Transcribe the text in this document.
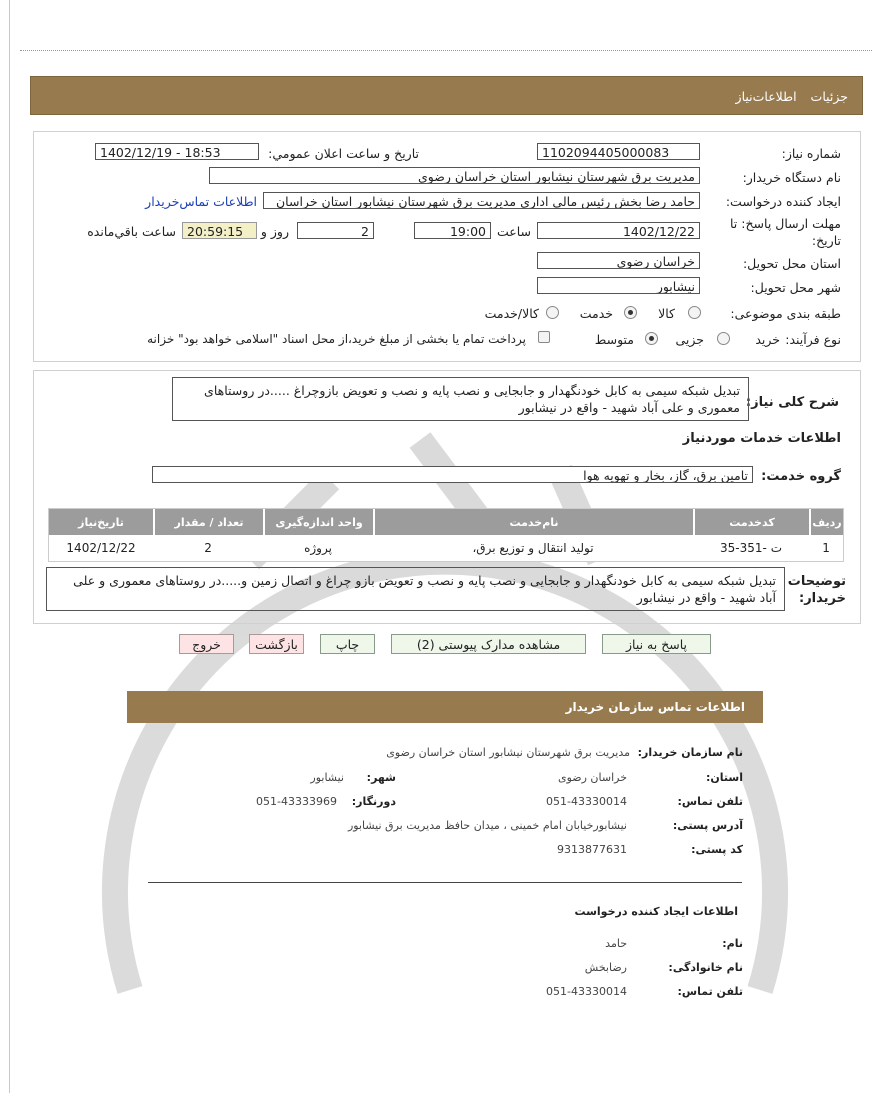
جزئیات
اطلاعات‌نیاز
شماره نیاز:
1102094405000083
تاریخ و ساعت اعلان عمومي:
1402/12/19 - 18:53
نام دستگاه خریدار:
مدیریت برق شهرستان نیشابور استان خراسان رضوی
ایجاد کننده درخواست:
حامد رضا بخش رئیس مالی اداری مدیریت برق شهرستان نیشابور استان خراسان
اطلاعات تماس‌خریدار
مهلت ارسال پاسخ: تا
تاریخ:
1402/12/22
ساعت
19:00
2
روز و
20:59:15
ساعت باقي‌مانده
استان محل تحویل:
خراسان رضوی
شهر محل تحویل:
نیشابور
طبقه بندی موضوعی:
کالا
خدمت
کالا/خدمت
نوع فرآیند:
خرید
جزیی
متوسط
پرداخت تمام یا بخشی از مبلغ خرید،از محل اسناد "اسلامی خواهد بود" خزانه
شرح کلی نیاز:
تبدیل شبکه سیمی به کابل خودنگهدار و جابجایی و نصب پایه و نصب و تعویض بازوچراغ .....در روستاهای معموری و علی آباد شهید - واقع در نیشابور
اطلاعات خدمات موردنیاز
گروه خدمت:
تامین برق، گاز، بخار و تهویه هوا
ردیف
کدخدمت
نام‌خدمت
واحد اندازه‌گیری
تعداد / مقدار
تاریخ‌نیاز
1
ت -351-35
تولید انتقال و توزیع برق،
پروژه
2
1402/12/22
توضیحات
خریدار:
تبدیل شبکه سیمی به کابل خودنگهدار و جابجایی و نصب پایه و نصب و تعویض بازو چراغ و اتصال زمین و.....در روستاهای معموری و علی آباد شهید - واقع در نیشابور
پاسخ به نیاز
مشاهده مدارک پیوستی (2)
چاپ
بازگشت
خروج
اطلاعات تماس سازمان خریدار
نام سازمان خریدار:
مدیریت برق شهرستان نیشابور استان خراسان رضوی
استان:
خراسان رضوی
شهر:
نیشابور
تلفن تماس:
051-43330014
دورنگار:
051-43333969
آدرس پستی:
نیشابورخیابان امام خمینی ، میدان حافظ مدیریت برق نیشابور
کد پستی:
9313877631
اطلاعات ایجاد کننده درخواست
نام:
حامد
نام خانوادگی:
رضابخش
تلفن تماس:
051-43330014
